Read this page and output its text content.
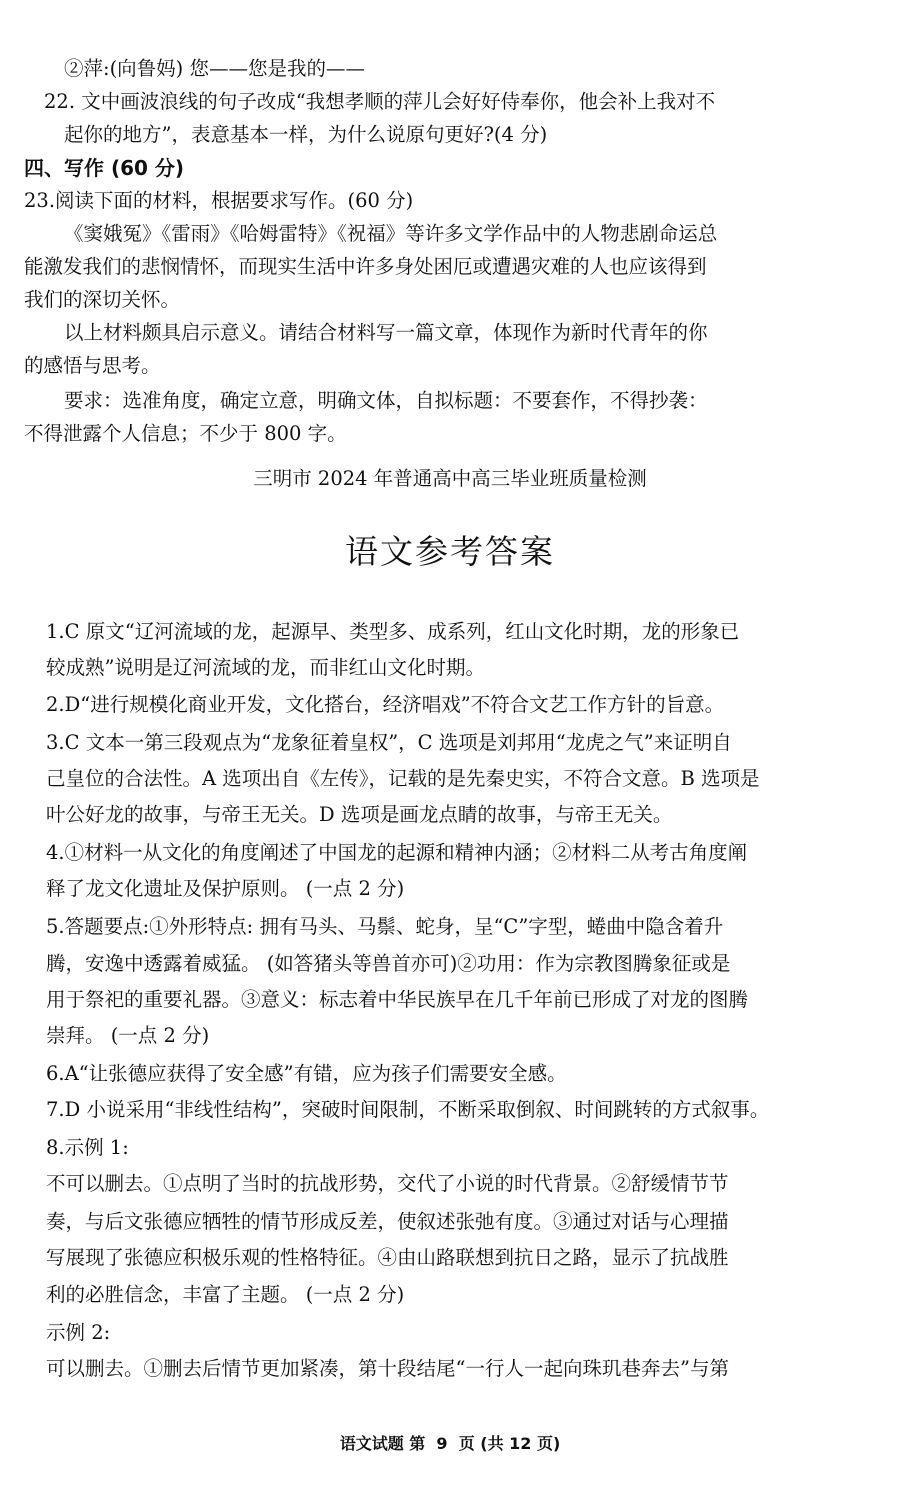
②萍:(向鲁妈) 您——您是我的——
22. 文中画波浪线的句子改成“我想孝顺的萍儿会好好侍奉你，他会补上我对不
起你的地方”，表意基本一样，为什么说原句更好?(4 分)
四、写作 (60 分)
23.阅读下面的材料，根据要求写作。(60 分)
《窦娥冤》《雷雨》《哈姆雷特》《祝福》等许多文学作品中的人物悲剧命运总
能激发我们的悲悯情怀，而现实生活中许多身处困厄或遭遇灾难的人也应该得到
我们的深切关怀。
以上材料颇具启示意义。请结合材料写一篇文章，体现作为新时代青年的你
的感悟与思考。
要求：选准角度，确定立意，明确文体，自拟标题：不要套作，不得抄袭：
不得泄露个人信息；不少于 800 字。
三明市 2024 年普通高中高三毕业班质量检测
语文参考答案
1.C 原文“辽河流域的龙，起源早、类型多、成系列，红山文化时期，龙的形象已
较成熟”说明是辽河流域的龙，而非红山文化时期。
2.D“进行规模化商业开发，文化搭台，经济唱戏”不符合文艺工作方针的旨意。
3.C 文本一第三段观点为“龙象征着皇权”，C 选项是刘邦用“龙虎之气”来证明自
己皇位的合法性。A 选项出自《左传》，记载的是先秦史实，不符合文意。B 选项是
叶公好龙的故事，与帝王无关。D 选项是画龙点睛的故事，与帝王无关。
4.①材料一从文化的角度阐述了中国龙的起源和精神内涵；②材料二从考古角度阐
释了龙文化遗址及保护原则。 (一点 2 分)
5.答题要点:①外形特点: 拥有马头、马鬃、蛇身，呈“C”字型，蜷曲中隐含着升
腾，安逸中透露着威猛。 (如答猪头等兽首亦可)②功用：作为宗教图腾象征或是
用于祭祀的重要礼器。③意义：标志着中华民族早在几千年前已形成了对龙的图腾
崇拜。 (一点 2 分)
6.A“让张德应获得了安全感”有错，应为孩子们需要安全感。
7.D 小说采用“非线性结构”，突破时间限制，不断采取倒叙、时间跳转的方式叙事。
8.示例 1:
不可以删去。①点明了当时的抗战形势，交代了小说的时代背景。②舒缓情节节
奏，与后文张德应牺牲的情节形成反差，使叙述张弛有度。③通过对话与心理描
写展现了张德应积极乐观的性格特征。④由山路联想到抗日之路，显示了抗战胜
利的必胜信念，丰富了主题。 (一点 2 分)
示例 2:
可以删去。①删去后情节更加紧凑，第十段结尾“一行人一起向珠玑巷奔去”与第
语文试题 第  9  页 (共 12 页)
